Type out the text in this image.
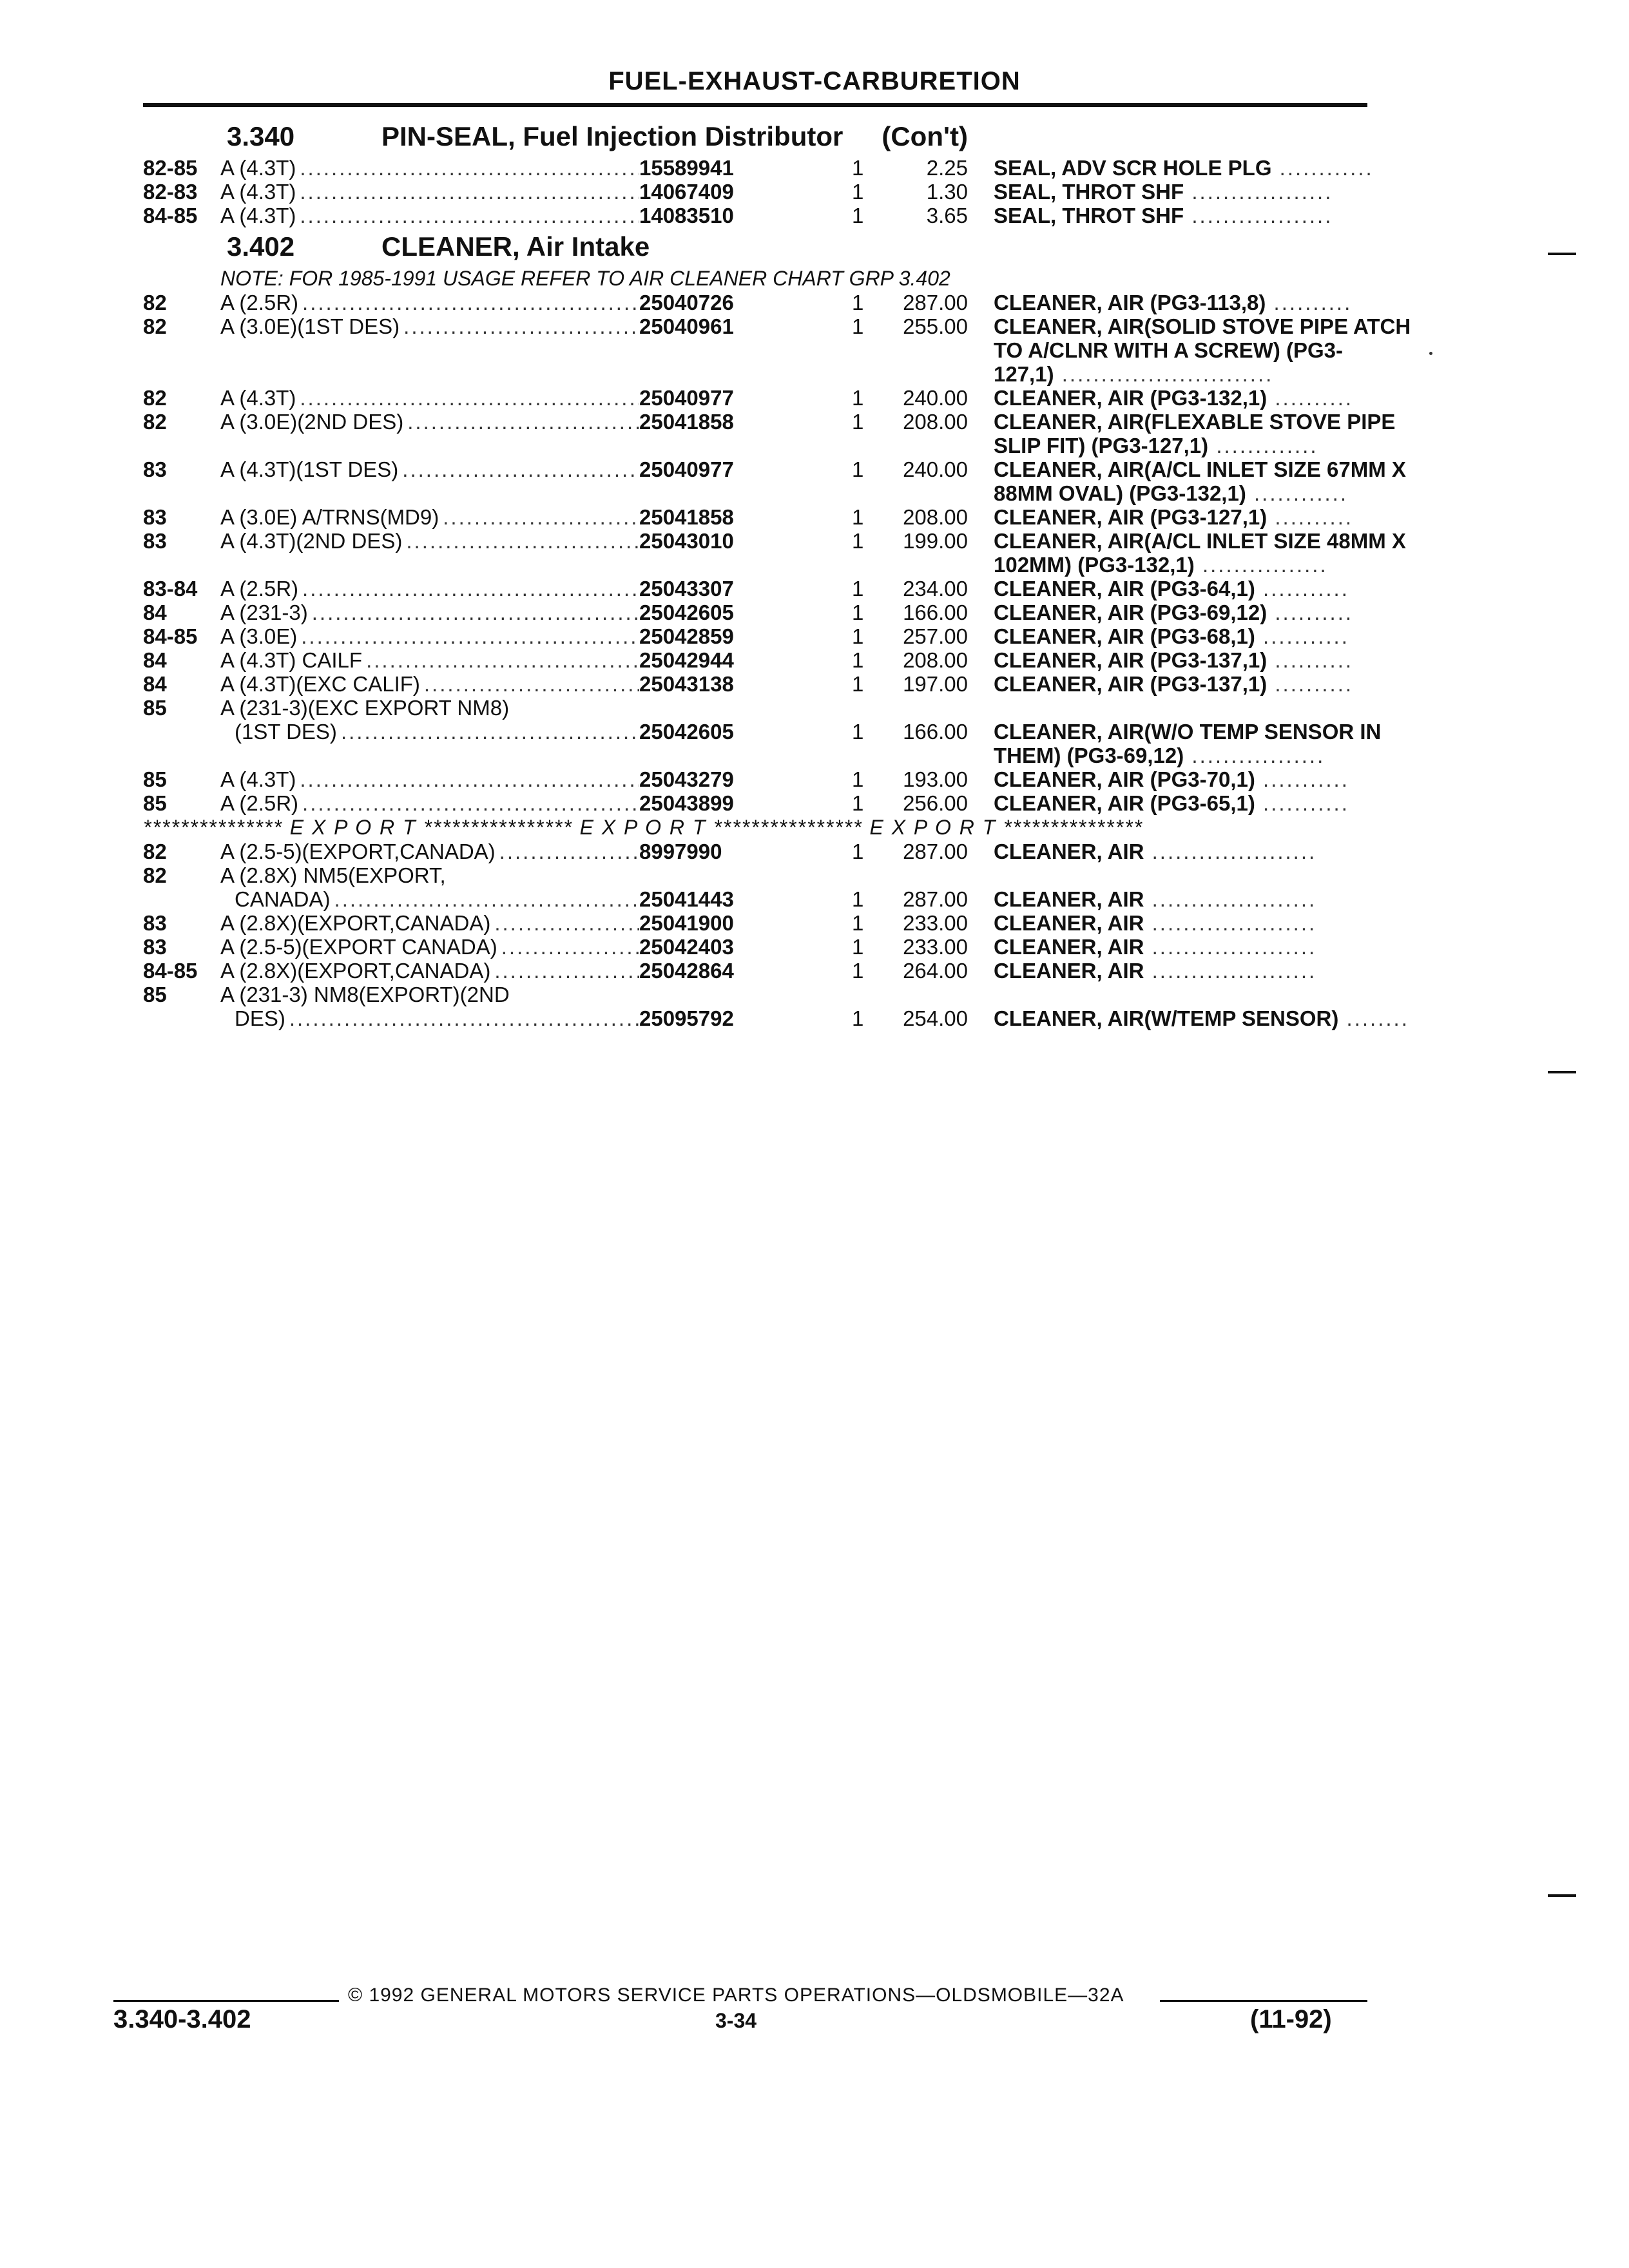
FUEL-EXHAUST-CARBURETION
3.340	PIN-SEAL, Fuel Injection Distributor (Con't)
82-85	A (4.3T) .....	15589941	1	2.25 SEAL, ADV SCR HOLE PLG ............
82-83	A (4.3T) .....	14067409	1	1.30 SEAL, THROT SHF ..................
84-85	A (4.3T) .....	14083510	1	3.65 SEAL, THROT SHF ..................
3.402	CLEANER, Air Intake
NOTE: FOR 1985-1991 USAGE REFER TO AIR CLEANER CHART GRP 3.402
82	A (2.5R) .....	25040726	1	287.00 CLEANER, AIR (PG3-113,8) ..........
82	A (3.0E)(1ST DES) .....	25040961	1	255.00 CLEANER, AIR(SOLID STOVE PIPE ATCH
TO A/CLNR WITH A SCREW) (PG3-
127,1) ...........................
82	A (4.3T) .....	25040977	1	240.00 CLEANER, AIR (PG3-132,1) ..........
82	A (3.0E)(2ND DES) .....	25041858	1	208.00 CLEANER, AIR(FLEXABLE STOVE PIPE
SLIP FIT) (PG3-127,1) .............
83	A (4.3T)(1ST DES) .....	25040977	1	240.00 CLEANER, AIR(A/CL INLET SIZE 67MM X
88MM OVAL) (PG3-132,1) ............
83	A (3.0E) A/TRNS(MD9) .....	25041858	1	208.00 CLEANER, AIR (PG3-127,1) ..........
83	A (4.3T)(2ND DES) .....	25043010	1	199.00 CLEANER, AIR(A/CL INLET SIZE 48MM X
102MM) (PG3-132,1) ................
83-84	A (2.5R) .....	25043307	1	234.00 CLEANER, AIR (PG3-64,1) ...........
84	A (231-3) .....	25042605	1	166.00 CLEANER, AIR (PG3-69,12) ..........
84-85	A (3.0E) .....	25042859	1	257.00 CLEANER, AIR (PG3-68,1) ...........
84	A (4.3T) CAILF .....	25042944	1	208.00 CLEANER, AIR (PG3-137,1) ..........
84	A (4.3T)(EXC CALIF) .....	25043138	1	197.00 CLEANER, AIR (PG3-137,1) ..........
85	A (231-3)(EXC EXPORT NM8)
(1ST DES) .....	25042605	1	166.00 CLEANER, AIR(W/O TEMP SENSOR IN
THEM) (PG3-69,12) .................
85	A (4.3T) .....	25043279	1	193.00 CLEANER, AIR (PG3-70,1) ...........
85	A (2.5R) .....	25043899	1	256.00 CLEANER, AIR (PG3-65,1) ...........
*************** E X P O R T **************** E X P O R T **************** E X P O R T ***************
82	A (2.5-5)(EXPORT,CANADA) .....	8997990	1	287.00 CLEANER, AIR .....................
82	A (2.8X) NM5(EXPORT,
CANADA) .....	25041443	1	287.00 CLEANER, AIR .....................
83	A (2.8X)(EXPORT,CANADA) .....	25041900	1	233.00 CLEANER, AIR .....................
83	A (2.5-5)(EXPORT CANADA) .....	25042403	1	233.00 CLEANER, AIR .....................
84-85	A (2.8X)(EXPORT,CANADA) .....	25042864	1	264.00 CLEANER, AIR .....................
85	A (231-3) NM8(EXPORT)(2ND
DES) .....	25095792	1	254.00 CLEANER, AIR(W/TEMP SENSOR) ........
© 1992 GENERAL MOTORS SERVICE PARTS OPERATIONS—OLDSMOBILE—32A
3.340-3.402	3-34	(11-92)
